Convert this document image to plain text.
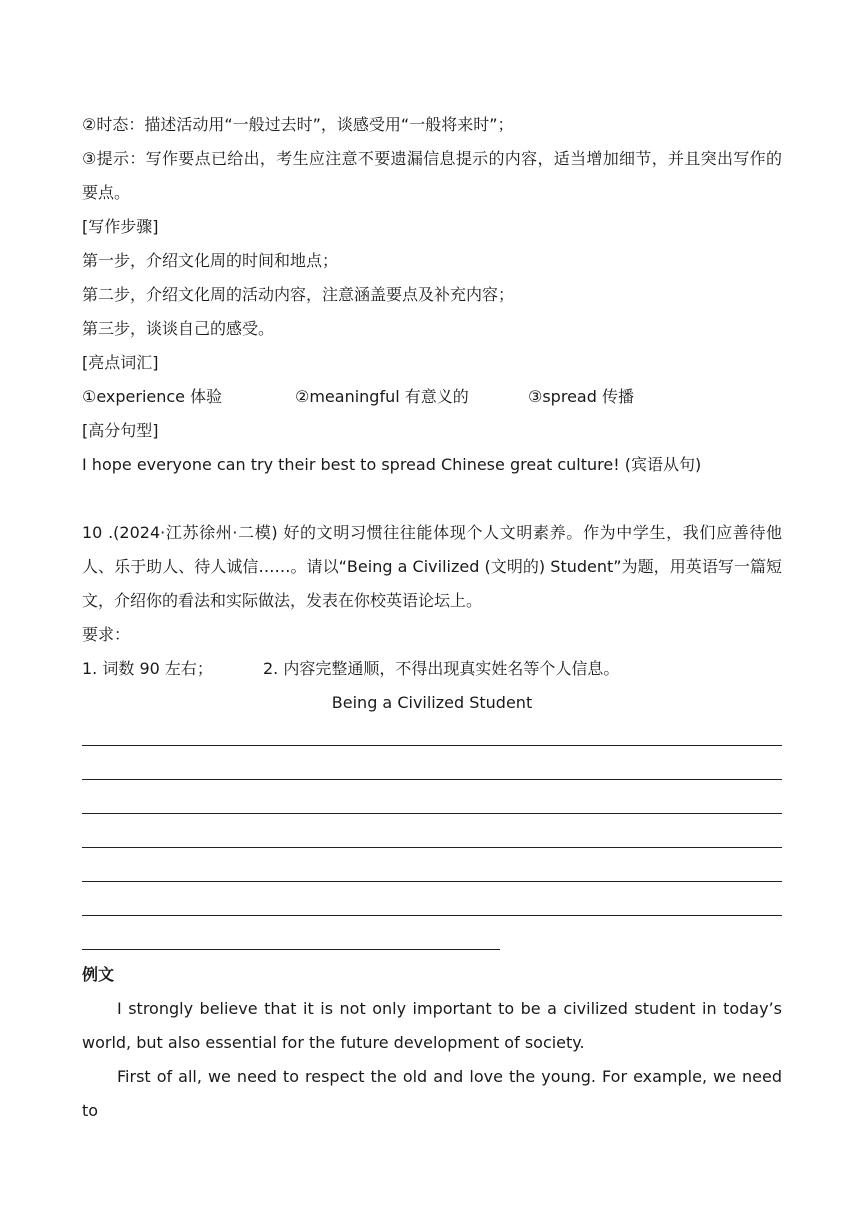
②时态：描述活动用“一般过去时”，谈感受用“一般将来时”；
③提示：写作要点已给出，考生应注意不要遗漏信息提示的内容，适当增加细节，并且突出写作的要点。
[写作步骤]
第一步，介绍文化周的时间和地点；
第二步，介绍文化周的活动内容，注意涵盖要点及补充内容；
第三步，谈谈自己的感受。
[亮点词汇]
①experience 体验	②meaningful 有意义的	③spread 传播
[高分句型]
I hope everyone can try their best to spread Chinese great culture! (宾语从句)
10 .(2024·江苏徐州·二模) 好的文明习惯往往能体现个人文明素养。作为中学生，我们应善待他人、乐于助人、待人诚信……。请以“Being a Civilized (文明的) Student”为题，用英语写一篇短文，介绍你的看法和实际做法，发表在你校英语论坛上。
要求：
1. 词数 90 左右；	2. 内容完整通顺，不得出现真实姓名等个人信息。
Being a Civilized Student
例文
I strongly believe that it is not only important to be a civilized student in today’s world, but also essential for the future development of society.
First of all, we need to respect the old and love the young. For example, we need to
